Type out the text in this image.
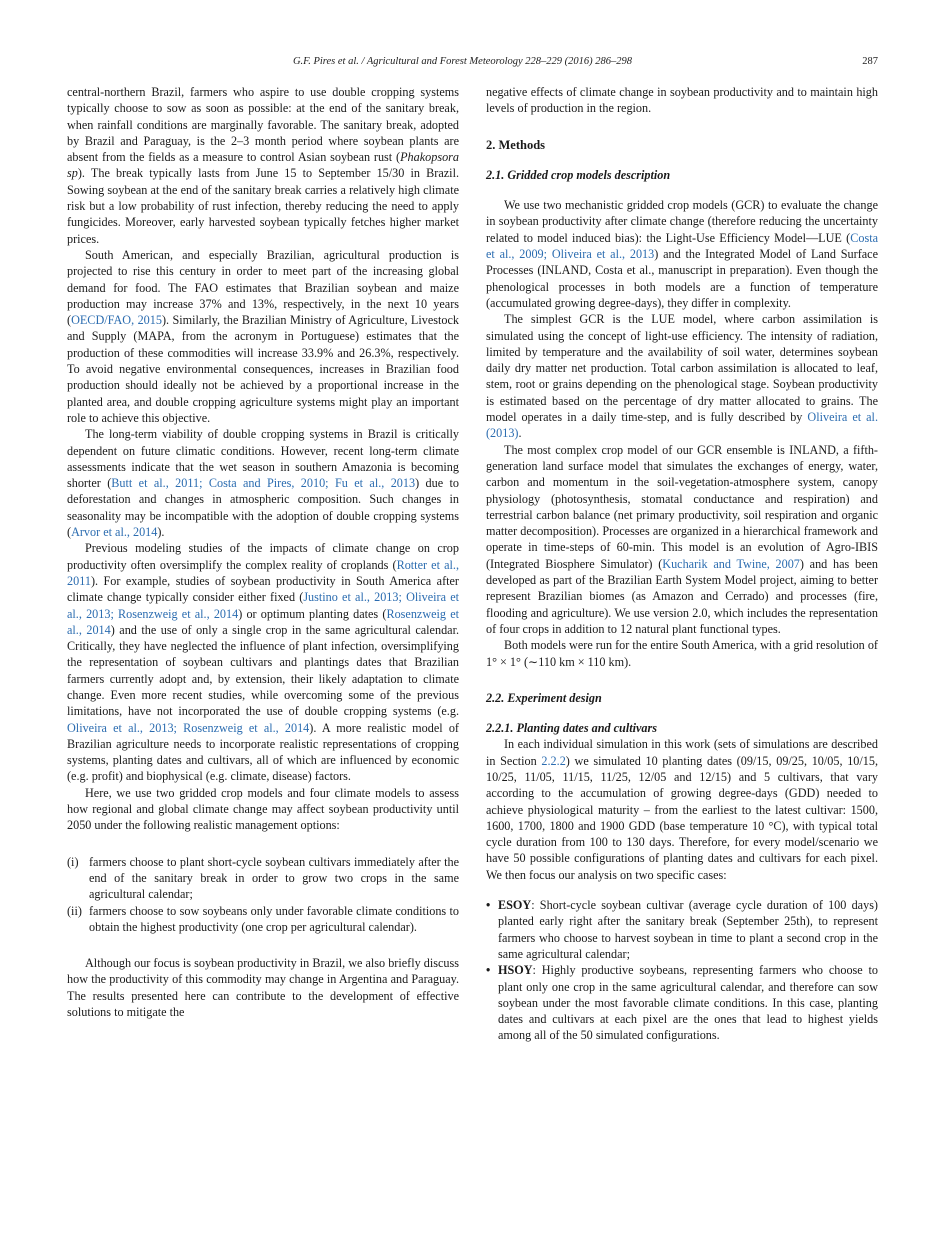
G.F. Pires et al. / Agricultural and Forest Meteorology 228–229 (2016) 286–298	287

central-northern Brazil, farmers who aspire to use double cropping systems typically choose to sow as soon as possible: at the end of the sanitary break, when rainfall conditions are marginally favorable. The sanitary break, adopted by Brazil and Paraguay, is the 2–3 month period where soybean plants are absent from the fields as a measure to control Asian soybean rust (Phakopsora sp). The break typically lasts from June 15 to September 15/30 in Brazil. Sowing soybean at the end of the sanitary break carries a relatively high climate risk but a low probability of rust infection, thereby reducing the need to apply fungicides. Moreover, early harvested soybean typically fetches higher market prices.

South American, and especially Brazilian, agricultural production is projected to rise this century in order to meet part of the increasing global demand for food. The FAO estimates that Brazilian soybean and maize production may increase 37% and 13%, respectively, in the next 10 years (OECD/FAO, 2015). Similarly, the Brazilian Ministry of Agriculture, Livestock and Supply (MAPA, from the acronym in Portuguese) estimates that the production of these commodities will increase 33.9% and 26.3%, respectively. To avoid negative environmental consequences, increases in Brazilian food production should ideally not be achieved by a proportional increase in the planted area, and double cropping agriculture systems might play an important role to achieve this objective.

The long-term viability of double cropping systems in Brazil is critically dependent on future climatic conditions. However, recent long-term climate assessments indicate that the wet season in southern Amazonia is becoming shorter (Butt et al., 2011; Costa and Pires, 2010; Fu et al., 2013) due to deforestation and changes in atmospheric composition. Such changes in seasonality may be incompatible with the adoption of double cropping systems (Arvor et al., 2014).

Previous modeling studies of the impacts of climate change on crop productivity often oversimplify the complex reality of croplands (Rotter et al., 2011). For example, studies of soybean productivity in South America after climate change typically consider either fixed (Justino et al., 2013; Oliveira et al., 2013; Rosenzweig et al., 2014) or optimum planting dates (Rosenzweig et al., 2014) and the use of only a single crop in the same agricultural calendar. Critically, they have neglected the influence of plant infection, oversimplifying the representation of soybean cultivars and plantings dates that Brazilian farmers currently adopt and, by extension, their likely adaptation to climate change. Even more recent studies, while overcoming some of the previous limitations, have not incorporated the use of double cropping systems (e.g. Oliveira et al., 2013; Rosenzweig et al., 2014). A more realistic model of Brazilian agriculture needs to incorporate realistic representations of cropping systems, planting dates and cultivars, all of which are influenced by economic (e.g. profit) and biophysical (e.g. climate, disease) factors.

Here, we use two gridded crop models and four climate models to assess how regional and global climate change may affect soybean productivity until 2050 under the following realistic management options:

(i) farmers choose to plant short-cycle soybean cultivars immediately after the end of the sanitary break in order to grow two crops in the same agricultural calendar;
(ii) farmers choose to sow soybeans only under favorable climate conditions to obtain the highest productivity (one crop per agricultural calendar).

Although our focus is soybean productivity in Brazil, we also briefly discuss how the productivity of this commodity may change in Argentina and Paraguay. The results presented here can contribute to the development of effective solutions to mitigate the

negative effects of climate change in soybean productivity and to maintain high levels of production in the region.

2. Methods
2.1. Gridded crop models description

We use two mechanistic gridded crop models (GCR) to evaluate the change in soybean productivity after climate change (therefore reducing the uncertainty related to model induced bias): the Light-Use Efficiency Model—LUE (Costa et al., 2009; Oliveira et al., 2013) and the Integrated Model of Land Surface Processes (INLAND, Costa et al., manuscript in preparation). Even though the phenological processes in both models are a function of temperature (accumulated growing degree-days), they differ in complexity.

The simplest GCR is the LUE model, where carbon assimilation is simulated using the concept of light-use efficiency. The intensity of radiation, limited by temperature and the availability of soil water, determines soybean daily dry matter net production. Total carbon assimilation is allocated to leaf, stem, root or grains depending on the phenological stage. Soybean productivity is estimated based on the percentage of dry matter allocated to grains. The model operates in a daily time-step, and is fully described by Oliveira et al. (2013).

The most complex crop model of our GCR ensemble is INLAND, a fifth-generation land surface model that simulates the exchanges of energy, water, carbon and momentum in the soil-vegetation-atmosphere system, canopy physiology (photosynthesis, stomatal conductance and respiration) and terrestrial carbon balance (net primary productivity, soil respiration and organic matter decomposition). Processes are organized in a hierarchical framework and operate in time-steps of 60-min. This model is an evolution of Agro-IBIS (Integrated Biosphere Simulator) (Kucharik and Twine, 2007) and has been developed as part of the Brazilian Earth System Model project, aiming to better represent Brazilian biomes (as Amazon and Cerrado) and processes (fire, flooding and agriculture). We use version 2.0, which includes the representation of four crops in addition to 12 natural plant functional types.

Both models were run for the entire South America, with a grid resolution of 1° × 1° (∼110 km × 110 km).

2.2. Experiment design
2.2.1. Planting dates and cultivars

In each individual simulation in this work (sets of simulations are described in Section 2.2.2) we simulated 10 planting dates (09/15, 09/25, 10/05, 10/15, 10/25, 11/05, 11/15, 11/25, 12/05 and 12/15) and 5 cultivars, that vary according to the accumulation of growing degree-days (GDD) needed to achieve physiological maturity – from the earliest to the latest cultivar: 1500, 1600, 1700, 1800 and 1900 GDD (base temperature 10 °C), with typical total cycle duration from 100 to 130 days. Therefore, for every model/scenario we have 50 possible configurations of planting dates and cultivars for each pixel. We then focus our analysis on two specific cases:

• ESOY: Short-cycle soybean cultivar (average cycle duration of 100 days) planted early right after the sanitary break (September 25th), to represent farmers who choose to harvest soybean in time to plant a second crop in the same agricultural calendar;
• HSOY: Highly productive soybeans, representing farmers who choose to plant only one crop in the same agricultural calendar, and therefore can sow soybean under the most favorable climate conditions. In this case, planting dates and cultivars at each pixel are the ones that lead to highest yields among all of the 50 simulated configurations.
